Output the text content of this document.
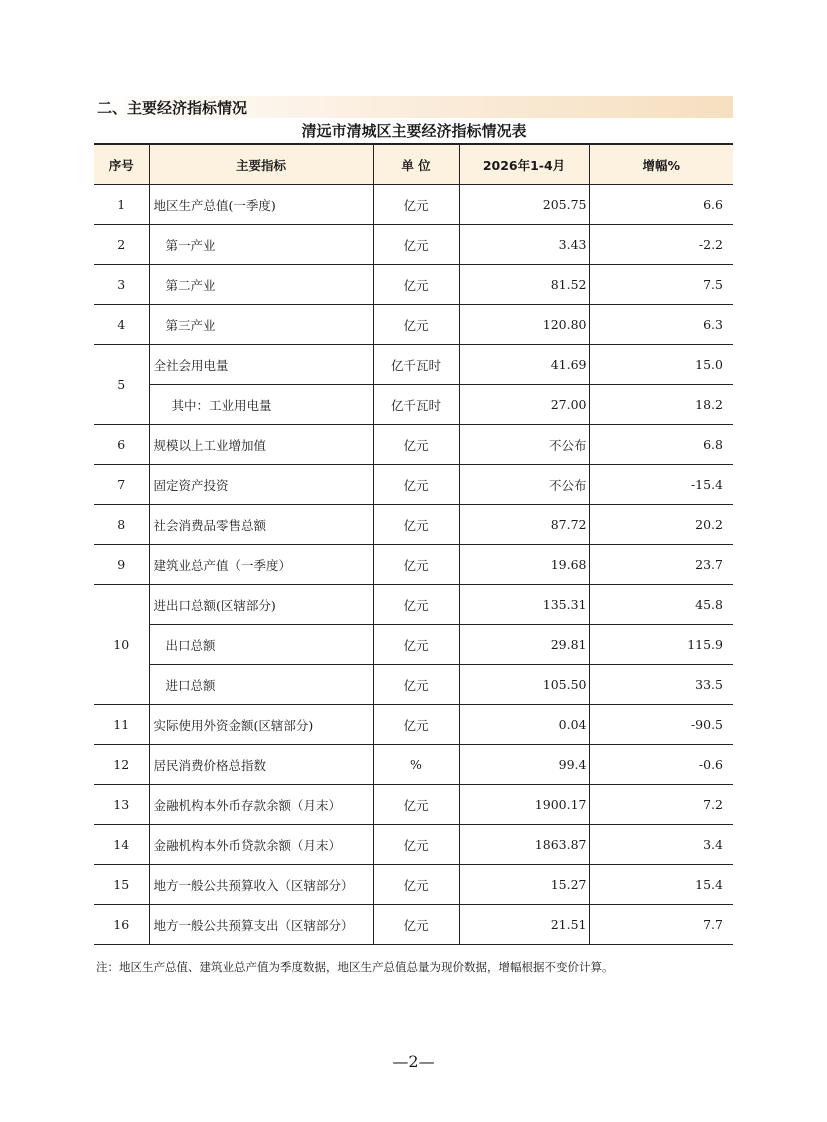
二、主要经济指标情况
清远市清城区主要经济指标情况表
序号	主要指标	单 位	2026年1-4月	增幅%
1	地区生产总值(一季度)	亿元	205.75	6.6
2	第一产业	亿元	3.43	-2.2
3	第二产业	亿元	81.52	7.5
4	第三产业	亿元	120.80	6.3
5	全社会用电量	亿千瓦时	41.69	15.0
	其中：工业用电量	亿千瓦时	27.00	18.2
6	规模以上工业增加值	亿元	不公布	6.8
7	固定资产投资	亿元	不公布	-15.4
8	社会消费品零售总额	亿元	87.72	20.2
9	建筑业总产值（一季度）	亿元	19.68	23.7
10	进出口总额(区辖部分)	亿元	135.31	45.8
	出口总额	亿元	29.81	115.9
	进口总额	亿元	105.50	33.5
11	实际使用外资金额(区辖部分)	亿元	0.04	-90.5
12	居民消费价格总指数	%	99.4	-0.6
13	金融机构本外币存款余额（月末）	亿元	1900.17	7.2
14	金融机构本外币贷款余额（月末）	亿元	1863.87	3.4
15	地方一般公共预算收入（区辖部分）	亿元	15.27	15.4
16	地方一般公共预算支出（区辖部分）	亿元	21.51	7.7
注：地区生产总值、建筑业总产值为季度数据，地区生产总值总量为现价数据，增幅根据不变价计算。
—2—
